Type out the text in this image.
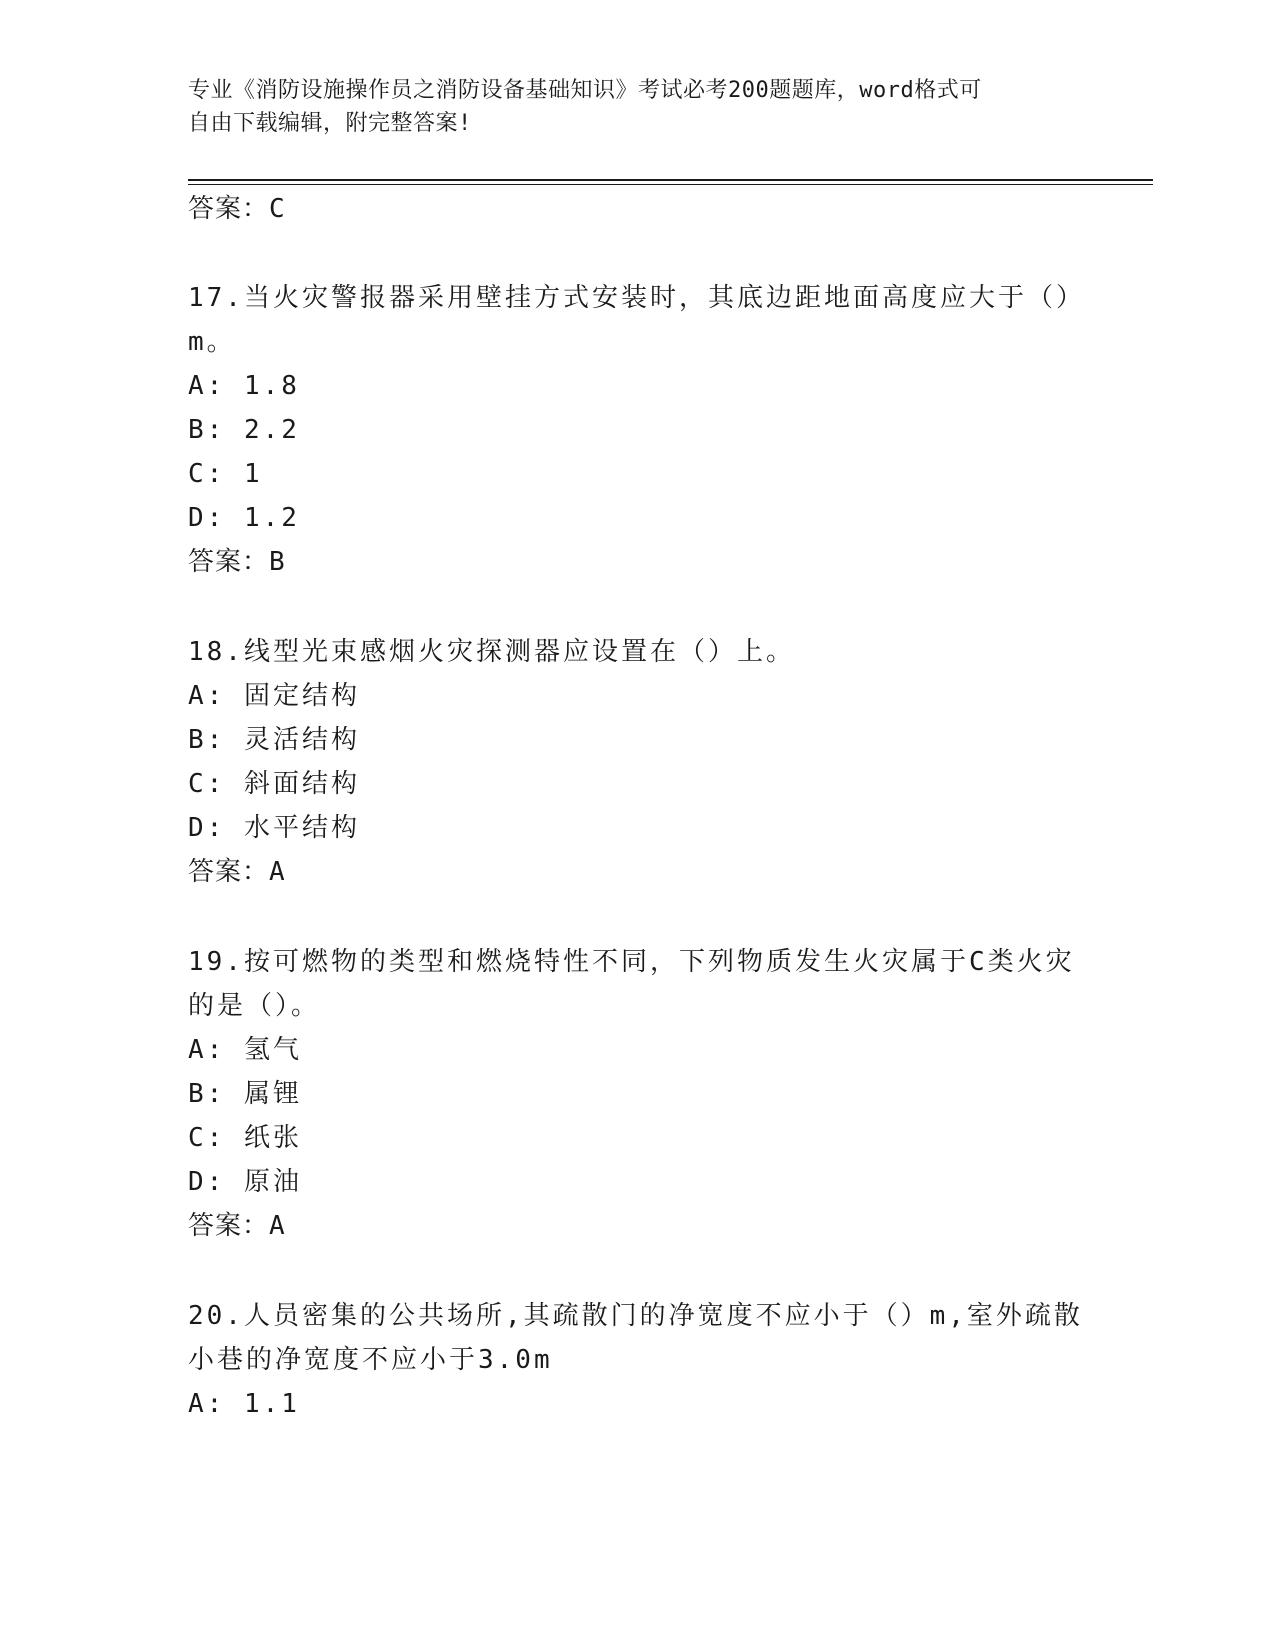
专业《消防设施操作员之消防设备基础知识》考试必考200题题库，word格式可
自由下载编辑，附完整答案!
答案：C
17.当火灾警报器采用壁挂方式安装时，其底边距地面高度应大于（）
m。
A: 1.8
B: 2.2
C: 1
D: 1.2
答案：B
18.线型光束感烟火灾探测器应设置在（）上。
A: 固定结构
B: 灵活结构
C: 斜面结构
D: 水平结构
答案：A
19.按可燃物的类型和燃烧特性不同，下列物质发生火灾属于C类火灾
的是（）。
A: 氢气
B: 属锂
C: 纸张
D: 原油
答案：A
20.人员密集的公共场所,其疏散门的净宽度不应小于（）m,室外疏散
小巷的净宽度不应小于3.0m
A: 1.1
